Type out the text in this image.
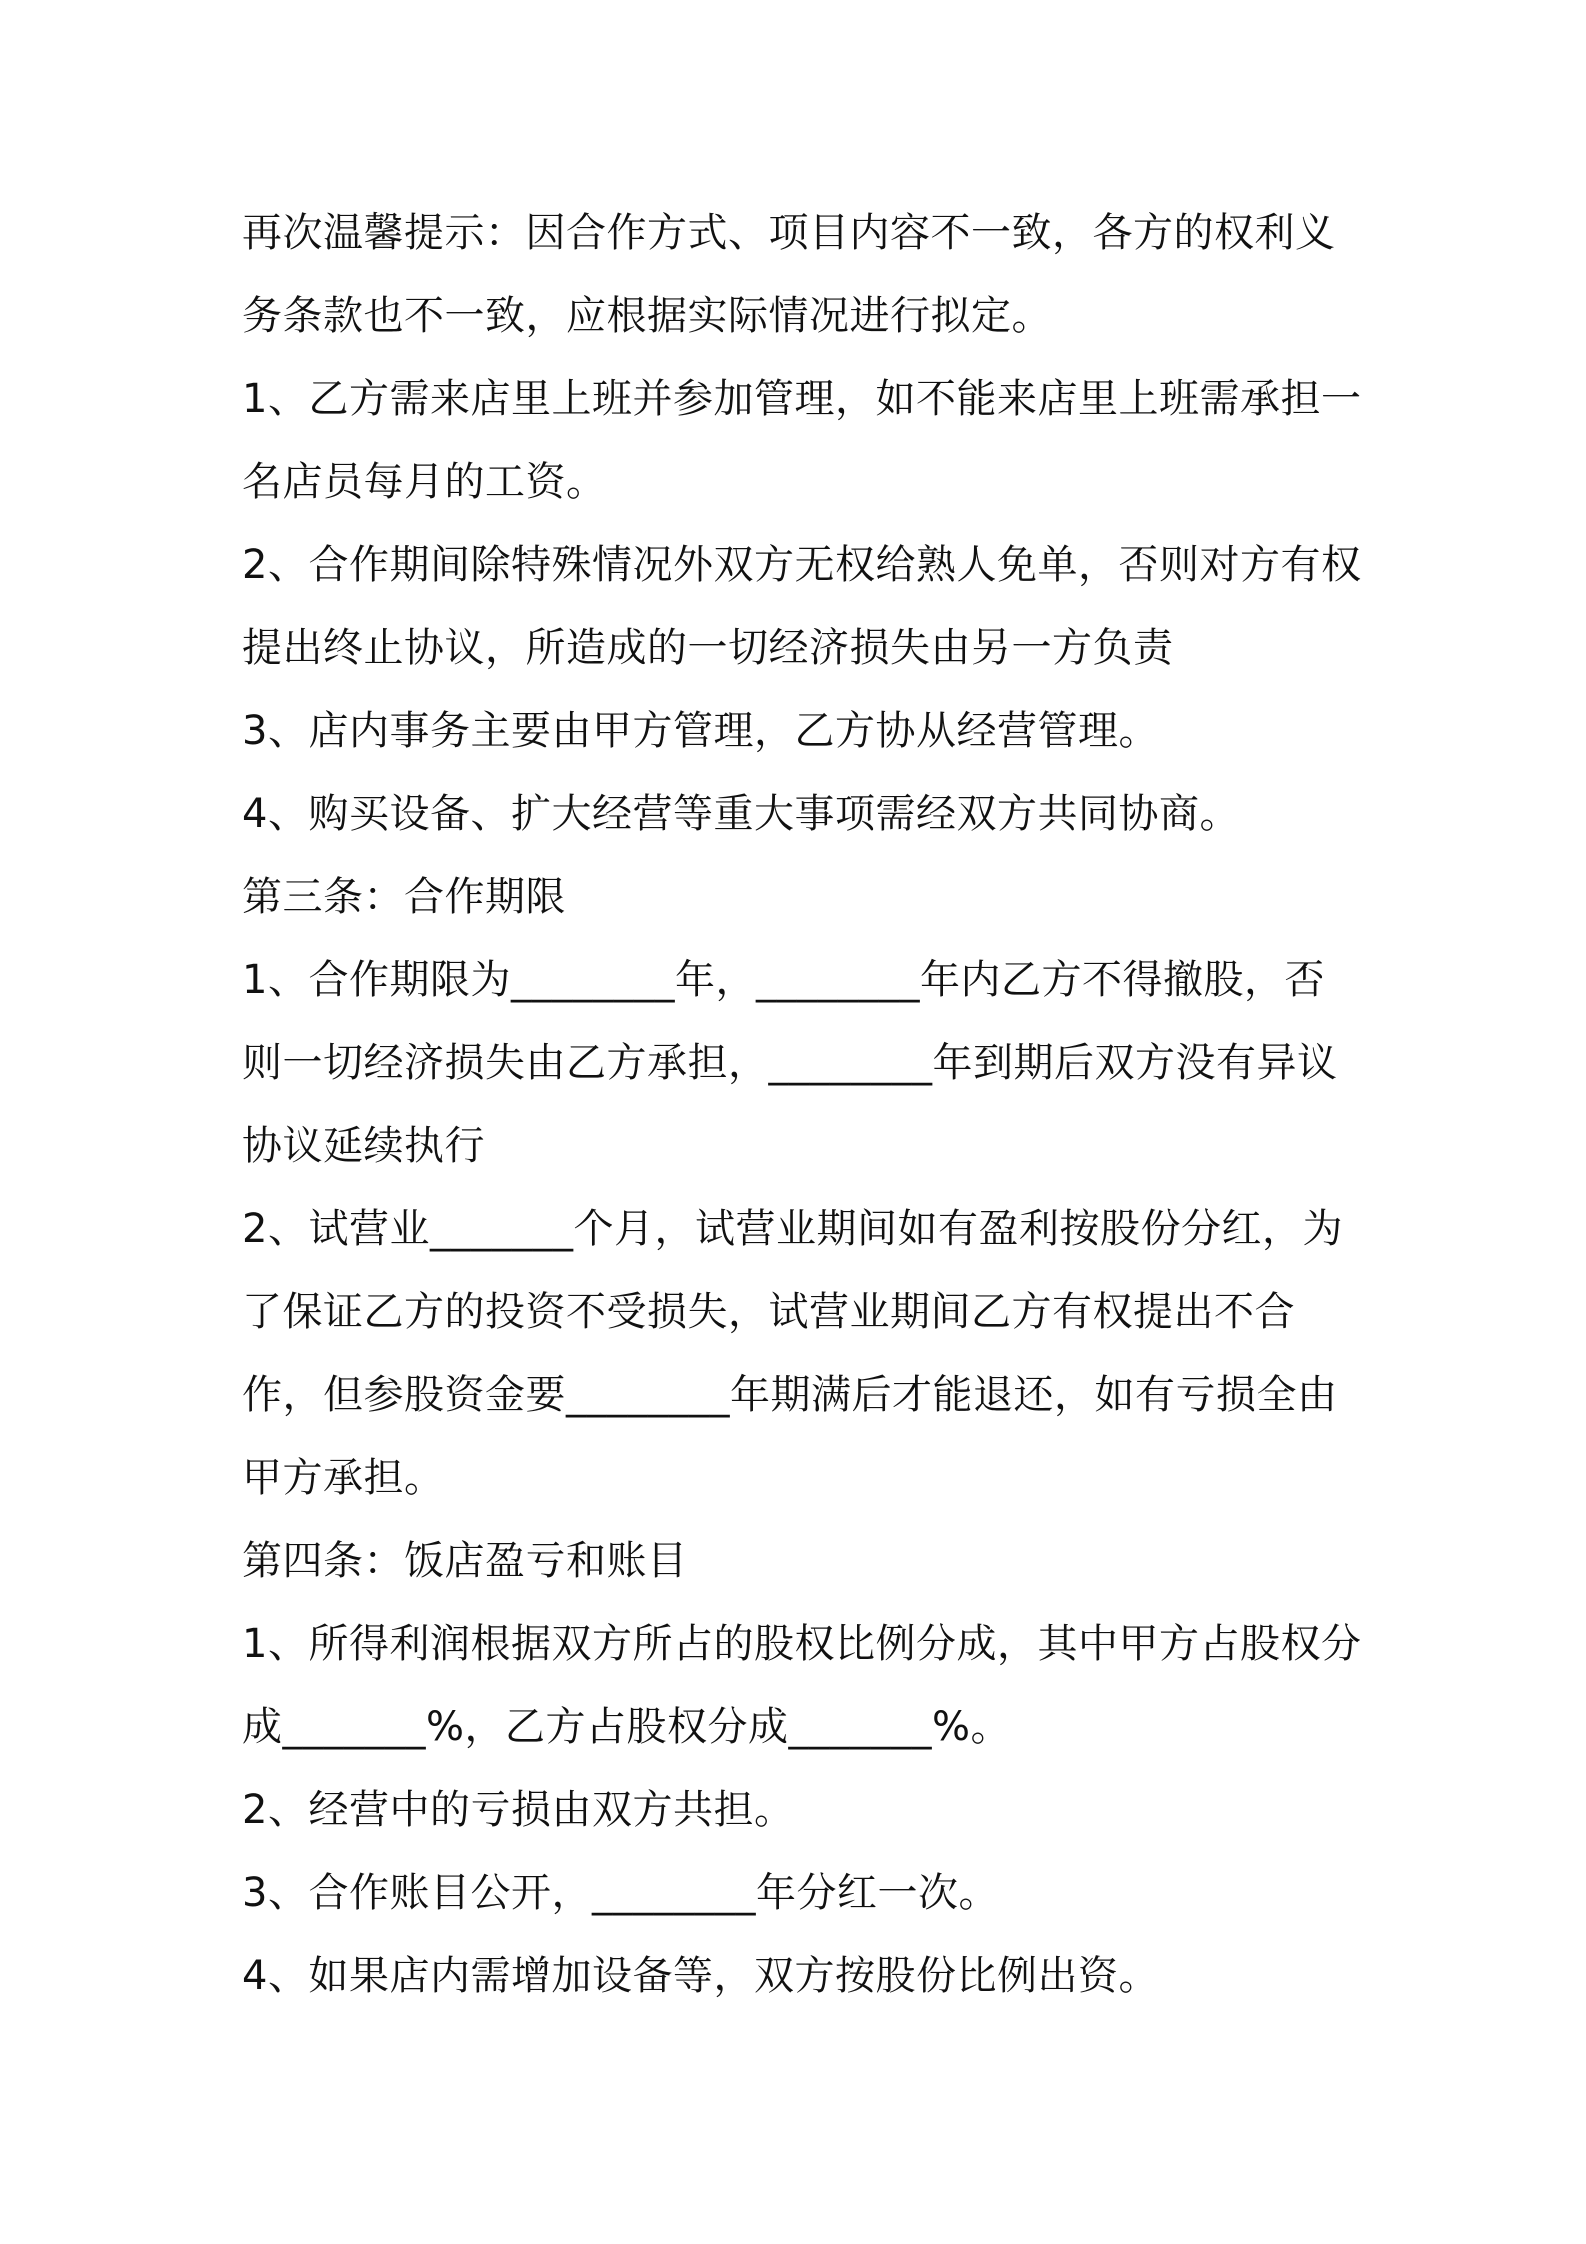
再次温馨提示：因合作方式、项目内容不一致，各方的权利义务条款也不一致，应根据实际情况进行拟定。

1、乙方需来店里上班并参加管理，如不能来店里上班需承担一名店员每月的工资。

2、合作期间除特殊情况外双方无权给熟人免单，否则对方有权提出终止协议，所造成的一切经济损失由另一方负责

3、店内事务主要由甲方管理，乙方协从经营管理。

4、购买设备、扩大经营等重大事项需经双方共同协商。

第三条：合作期限

1、合作期限为________年，________年内乙方不得撤股，否则一切经济损失由乙方承担，________年到期后双方没有异议协议延续执行

2、试营业_______个月，试营业期间如有盈利按股份分红，为了保证乙方的投资不受损失，试营业期间乙方有权提出不合作，但参股资金要________年期满后才能退还，如有亏损全由甲方承担。

第四条：饭店盈亏和账目

1、所得利润根据双方所占的股权比例分成，其中甲方占股权分成_______%，乙方占股权分成_______%。

2、经营中的亏损由双方共担。

3、合作账目公开，________年分红一次。

4、如果店内需增加设备等，双方按股份比例出资。
